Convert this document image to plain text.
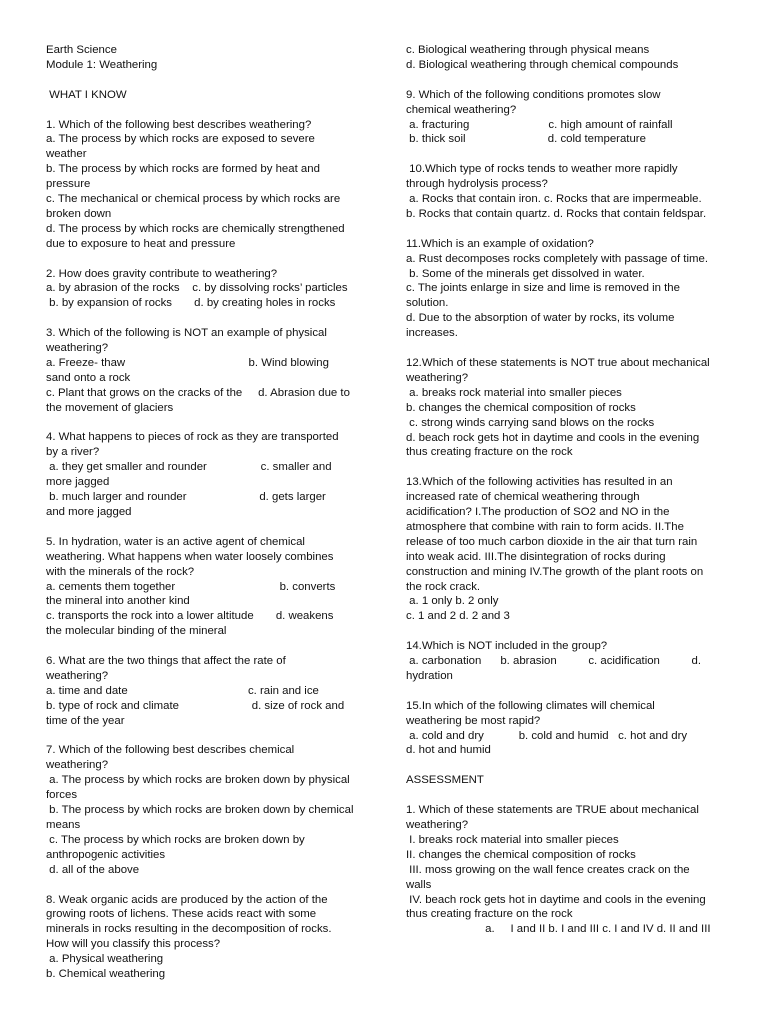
Earth Science
Module 1: Weathering
WHAT I KNOW
1. Which of the following best describes weathering?
a. The process by which rocks are exposed to severe
weather
b. The process by which rocks are formed by heat and
pressure
c. The mechanical or chemical process by which rocks are
broken down
d. The process by which rocks are chemically strengthened
due to exposure to heat and pressure
2. How does gravity contribute to weathering?
a. by abrasion of the rocks    c. by dissolving rocks’ particles
b. by expansion of rocks       d. by creating holes in rocks
3. Which of the following is NOT an example of physical
weathering?
a. Freeze- thaw                                       b. Wind blowing
sand onto a rock
c. Plant that grows on the cracks of the     d. Abrasion due to
the movement of glaciers
4. What happens to pieces of rock as they are transported
by a river?
a. they get smaller and rounder                 c. smaller and
more jagged
b. much larger and rounder                       d. gets larger
and more jagged
5. In hydration, water is an active agent of chemical
weathering. What happens when water loosely combines
with the minerals of the rock?
a. cements them together                                 b. converts
the mineral into another kind
c. transports the rock into a lower altitude       d. weakens
the molecular binding of the mineral
6. What are the two things that affect the rate of
weathering?
a. time and date                                      c. rain and ice
b. type of rock and climate                       d. size of rock and
time of the year
7. Which of the following best describes chemical
weathering?
a. The process by which rocks are broken down by physical
forces
b. The process by which rocks are broken down by chemical
means
c. The process by which rocks are broken down by
anthropogenic activities
d. all of the above
8. Weak organic acids are produced by the action of the
growing roots of lichens. These acids react with some
minerals in rocks resulting in the decomposition of rocks.
How will you classify this process?
a. Physical weathering
b. Chemical weathering
c. Biological weathering through physical means
d. Biological weathering through chemical compounds
9. Which of the following conditions promotes slow
chemical weathering?
a. fracturing                         c. high amount of rainfall
b. thick soil                          d. cold temperature
10.Which type of rocks tends to weather more rapidly
through hydrolysis process?
a. Rocks that contain iron. c. Rocks that are impermeable.
b. Rocks that contain quartz. d. Rocks that contain feldspar.
11.Which is an example of oxidation?
a. Rust decomposes rocks completely with passage of time.
b. Some of the minerals get dissolved in water.
c. The joints enlarge in size and lime is removed in the
solution.
d. Due to the absorption of water by rocks, its volume
increases.
12.Which of these statements is NOT true about mechanical
weathering?
a. breaks rock material into smaller pieces
b. changes the chemical composition of rocks
c. strong winds carrying sand blows on the rocks
d. beach rock gets hot in daytime and cools in the evening
thus creating fracture on the rock
13.Which of the following activities has resulted in an
increased rate of chemical weathering through
acidification? I.The production of SO2 and NO in the
atmosphere that combine with rain to form acids. II.The
release of too much carbon dioxide in the air that turn rain
into weak acid. III.The disintegration of rocks during
construction and mining IV.The growth of the plant roots on
the rock crack.
a. 1 only b. 2 only
c. 1 and 2 d. 2 and 3
14.Which is NOT included in the group?
a. carbonation      b. abrasion          c. acidification          d.
hydration
15.In which of the following climates will chemical
weathering be most rapid?
a. cold and dry           b. cold and humid   c. hot and dry
d. hot and humid
ASSESSMENT
1. Which of these statements are TRUE about mechanical
weathering?
I. breaks rock material into smaller pieces
II. changes the chemical composition of rocks
III. moss growing on the wall fence creates crack on the
walls
IV. beach rock gets hot in daytime and cools in the evening
thus creating fracture on the rock
a.     I and II b. I and III c. I and IV d. II and III
